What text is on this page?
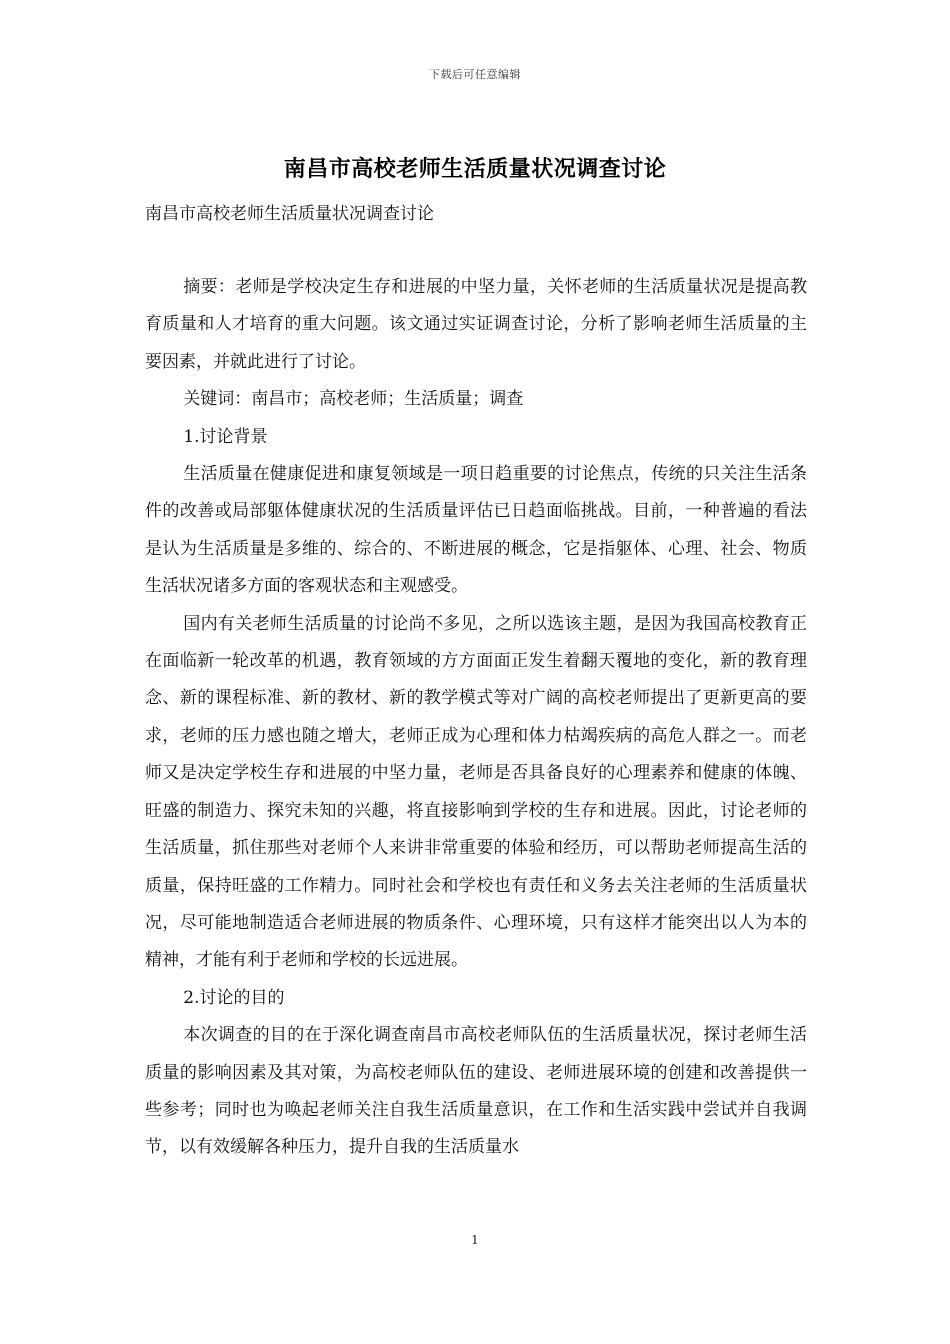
下载后可任意编辑
南昌市高校老师生活质量状况调查讨论
南昌市高校老师生活质量状况调查讨论

摘要：老师是学校决定生存和进展的中坚力量，关怀老师的生活质量状况是提高教育质量和人才培育的重大问题。该文通过实证调查讨论，分析了影响老师生活质量的主要因素，并就此进行了讨论。

关键词：南昌市；高校老师；生活质量；调查

1.讨论背景

生活质量在健康促进和康复领域是一项日趋重要的讨论焦点，传统的只关注生活条件的改善或局部躯体健康状况的生活质量评估已日趋面临挑战。目前，一种普遍的看法是认为生活质量是多维的、综合的、不断进展的概念，它是指躯体、心理、社会、物质生活状况诸多方面的客观状态和主观感受。

国内有关老师生活质量的讨论尚不多见，之所以选该主题，是因为我国高校教育正在面临新一轮改革的机遇，教育领域的方方面面正发生着翻天覆地的变化，新的教育理念、新的课程标准、新的教材、新的教学模式等对广阔的高校老师提出了更新更高的要求，老师的压力感也随之增大，老师正成为心理和体力枯竭疾病的高危人群之一。而老师又是决定学校生存和进展的中坚力量，老师是否具备良好的心理素养和健康的体魄、旺盛的制造力、探究未知的兴趣，将直接影响到学校的生存和进展。因此，讨论老师的生活质量，抓住那些对老师个人来讲非常重要的体验和经历，可以帮助老师提高生活的质量，保持旺盛的工作精力。同时社会和学校也有责任和义务去关注老师的生活质量状况，尽可能地制造适合老师进展的物质条件、心理环境，只有这样才能突出以人为本的精神，才能有利于老师和学校的长远进展。

2.讨论的目的

本次调查的目的在于深化调查南昌市高校老师队伍的生活质量状况，探讨老师生活质量的影响因素及其对策，为高校老师队伍的建设、老师进展环境的创建和改善提供一些参考；同时也为唤起老师关注自我生活质量意识，在工作和生活实践中尝试并自我调节，以有效缓解各种压力，提升自我的生活质量水

1
